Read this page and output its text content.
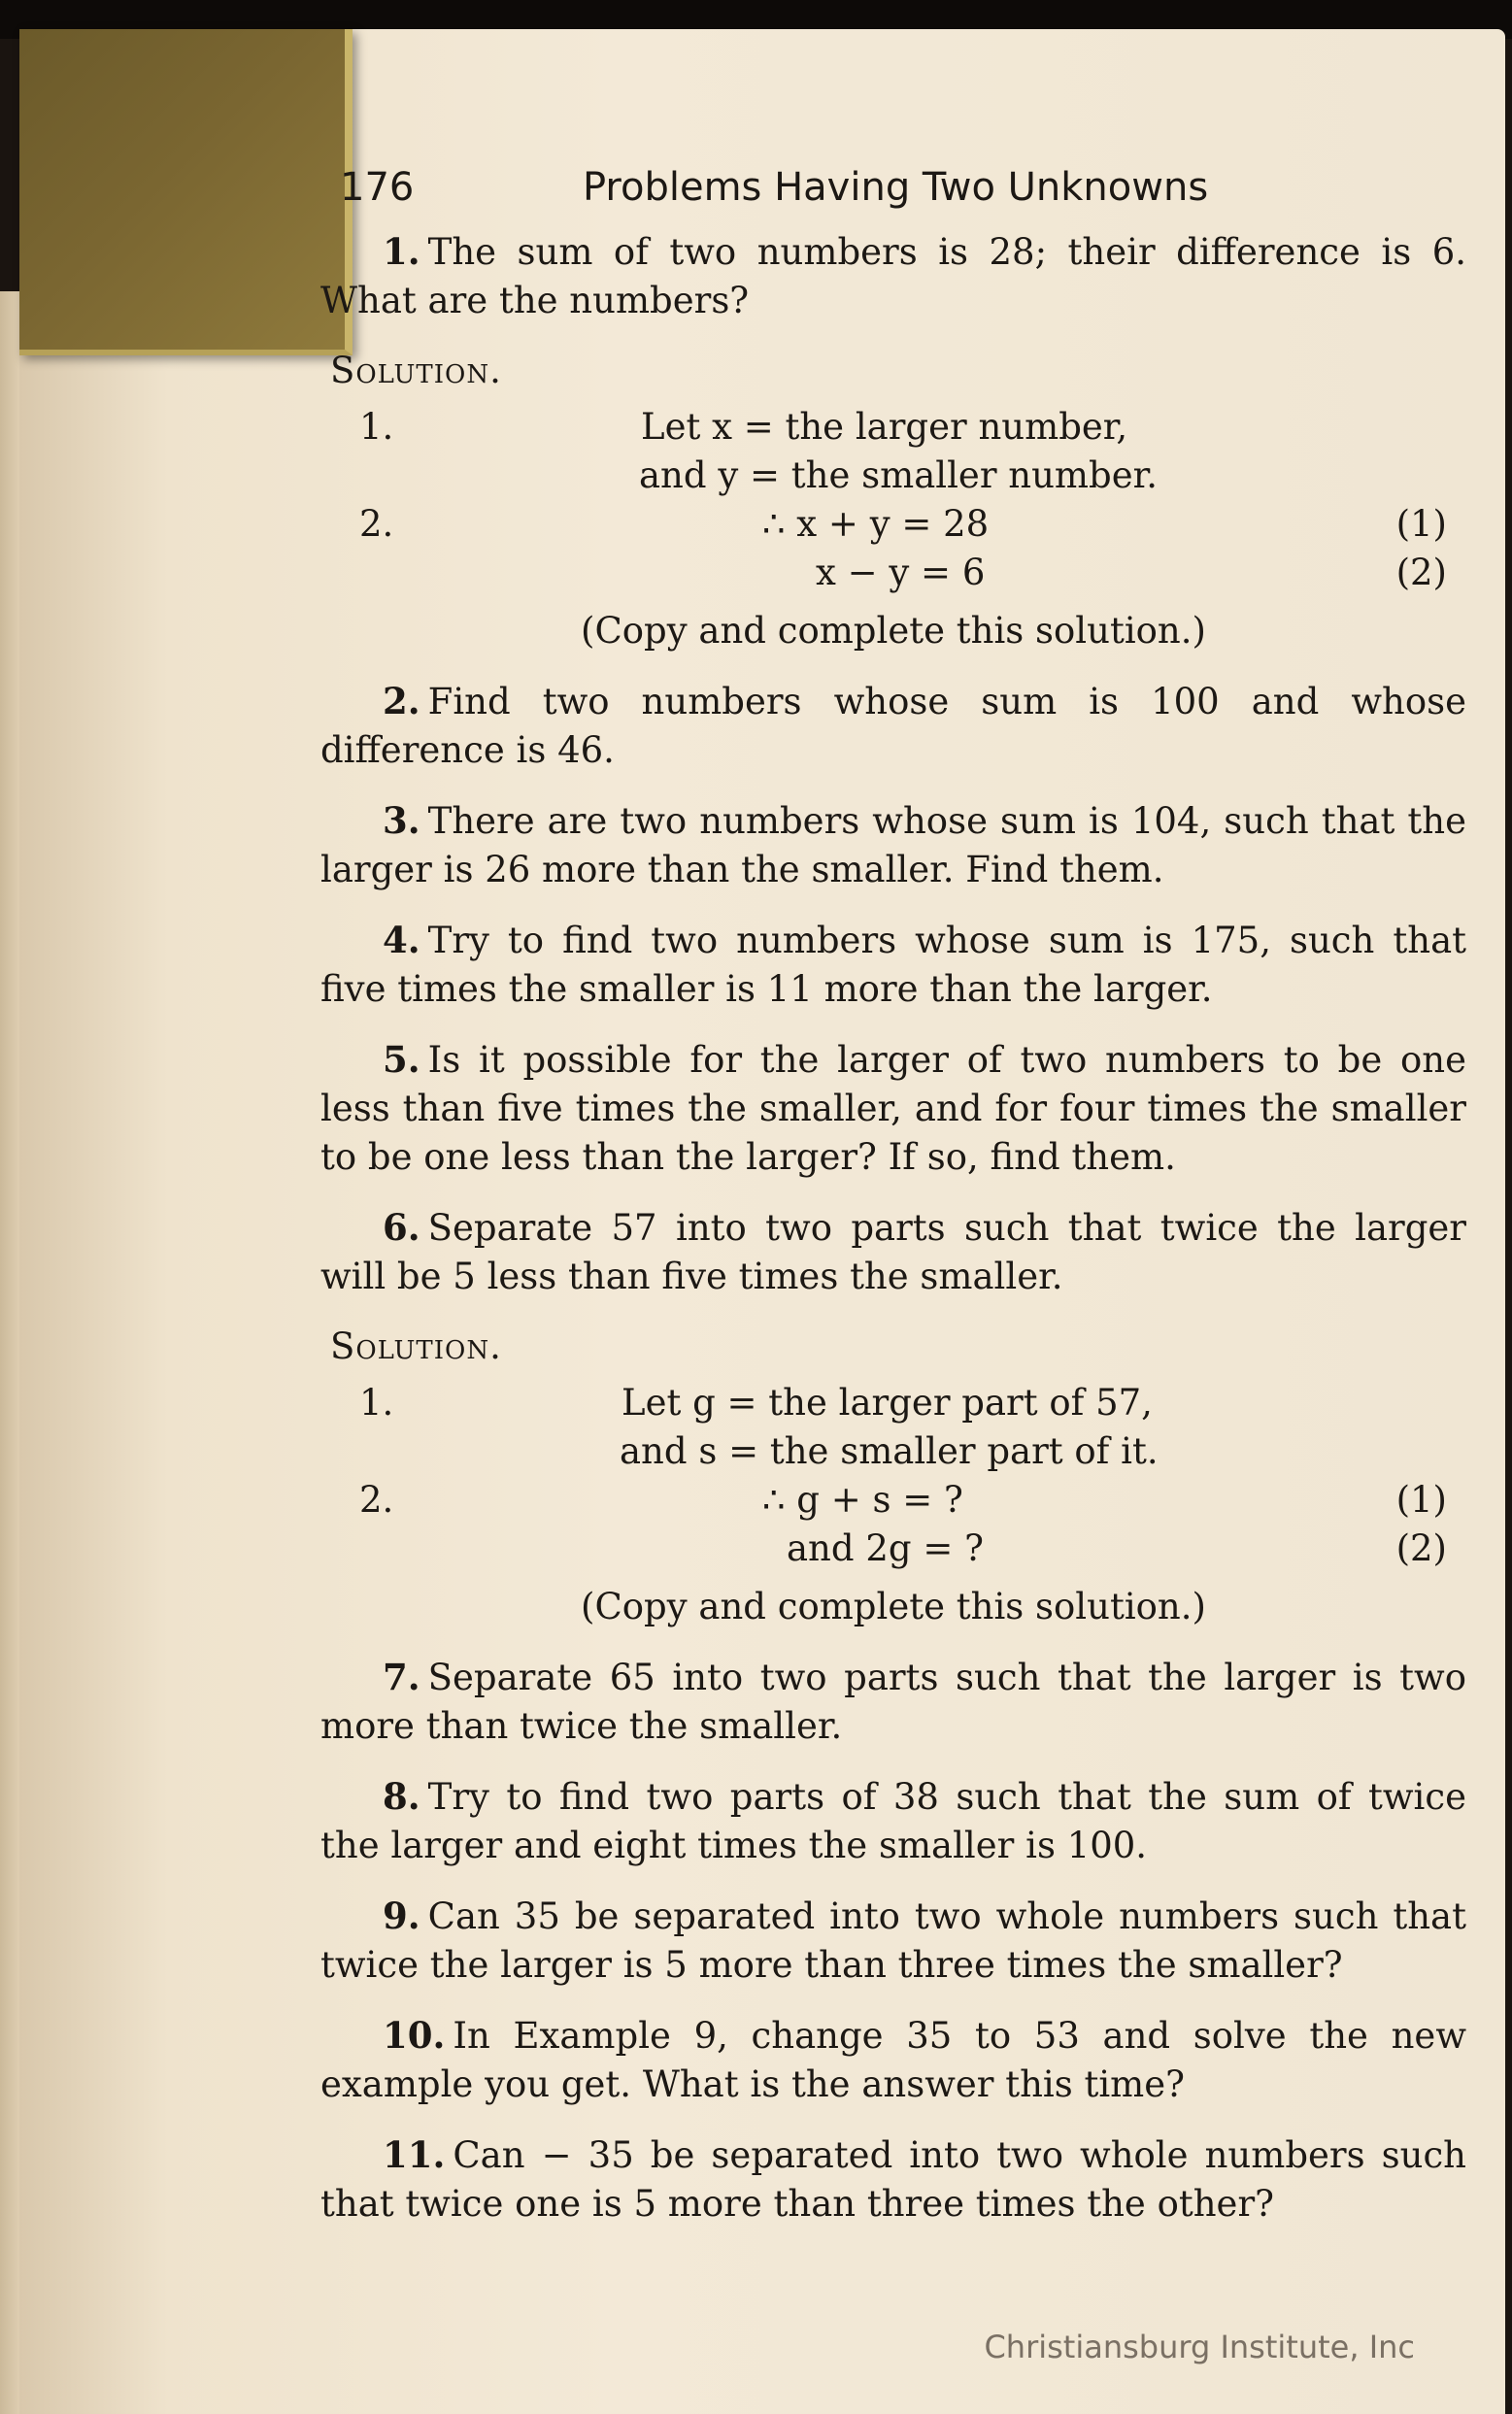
176	Problems Having Two Unknowns

1. The sum of two numbers is 28; their difference is 6. What are the numbers?

Solution.
1.	Let x = the larger number,
and y = the smaller number.
2.	∴ x + y = 28	(1)
x − y = 6	(2)
(Copy and complete this solution.)

2. Find two numbers whose sum is 100 and whose difference is 46.

3. There are two numbers whose sum is 104, such that the larger is 26 more than the smaller. Find them.

4. Try to find two numbers whose sum is 175, such that five times the smaller is 11 more than the larger.

5. Is it possible for the larger of two numbers to be one less than five times the smaller, and for four times the smaller to be one less than the larger? If so, find them.

6. Separate 57 into two parts such that twice the larger will be 5 less than five times the smaller.

Solution.
1.	Let g = the larger part of 57,
and s = the smaller part of it.
2.	∴ g + s = ?	(1)
and 2g = ?	(2)
(Copy and complete this solution.)

7. Separate 65 into two parts such that the larger is two more than twice the smaller.

8. Try to find two parts of 38 such that the sum of twice the larger and eight times the smaller is 100.

9. Can 35 be separated into two whole numbers such that twice the larger is 5 more than three times the smaller?

10. In Example 9, change 35 to 53 and solve the new example you get. What is the answer this time?

11. Can − 35 be separated into two whole numbers such that twice one is 5 more than three times the other?

Christiansburg Institute, Inc
